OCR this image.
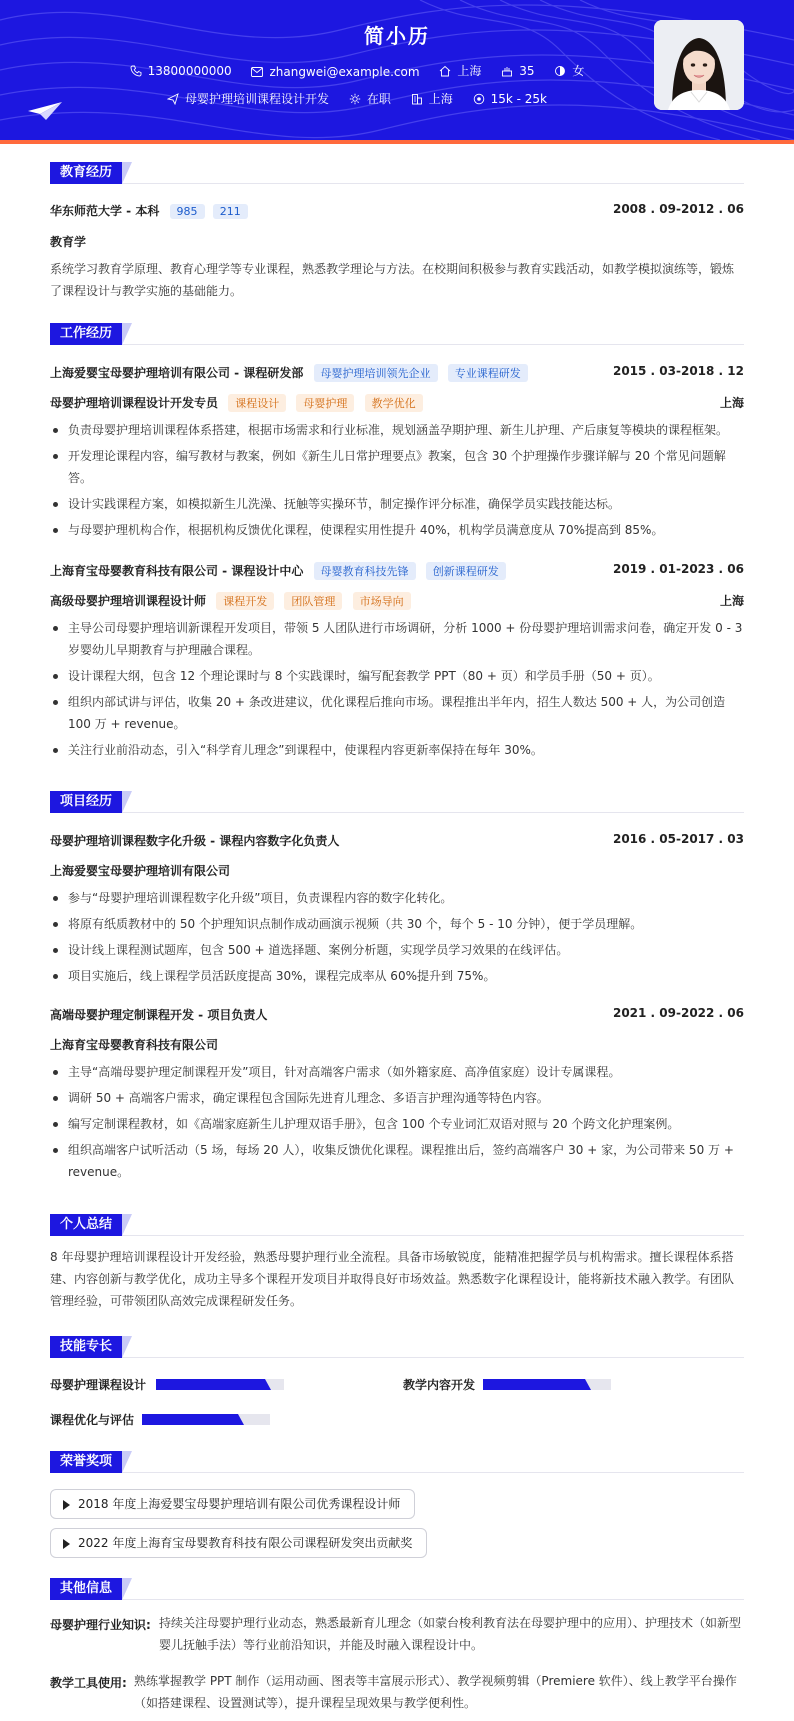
简小历
13800000000
	zhangwei@example.com
	上海
	35
	女
母婴护理培训课程设计开发
	在职
	上海
	15k - 25k
教育经历
华东师范大学 - 本科 985 211	2008 . 09-2012 . 06
教育学
系统学习教育学原理、教育心理学等专业课程，熟悉教学理论与方法。在校期间积极参与教育实践活动，如教学模拟演练等，锻炼了课程设计与教学实施的基础能力。
工作经历
上海爱婴宝母婴护理培训有限公司 - 课程研发部 母婴护理培训领先企业 专业课程研发	2015 . 03-2018 . 12
母婴护理培训课程设计开发专员 课程设计 母婴护理 教学优化	上海
负责母婴护理培训课程体系搭建，根据市场需求和行业标准，规划涵盖孕期护理、新生儿护理、产后康复等模块的课程框架。
开发理论课程内容，编写教材与教案，例如《新生儿日常护理要点》教案，包含 30 个护理操作步骤详解与 20 个常见问题解答。
设计实践课程方案，如模拟新生儿洗澡、抚触等实操环节，制定操作评分标准，确保学员实践技能达标。
与母婴护理机构合作，根据机构反馈优化课程，使课程实用性提升 40%，机构学员满意度从 70%提高到 85%。
上海育宝母婴教育科技有限公司 - 课程设计中心 母婴教育科技先锋 创新课程研发	2019 . 01-2023 . 06
高级母婴护理培训课程设计师 课程开发 团队管理 市场导向	上海
主导公司母婴护理培训新课程开发项目，带领 5 人团队进行市场调研，分析 1000 + 份母婴护理培训需求问卷，确定开发 0 - 3 岁婴幼儿早期教育与护理融合课程。
设计课程大纲，包含 12 个理论课时与 8 个实践课时，编写配套教学 PPT（80 + 页）和学员手册（50 + 页）。
组织内部试讲与评估，收集 20 + 条改进建议，优化课程后推向市场。课程推出半年内，招生人数达 500 + 人，为公司创造 100 万 + revenue。
关注行业前沿动态，引入“科学育儿理念”到课程中，使课程内容更新率保持在每年 30%。
项目经历
母婴护理培训课程数字化升级 - 课程内容数字化负责人	2016 . 05-2017 . 03
上海爱婴宝母婴护理培训有限公司
参与“母婴护理培训课程数字化升级”项目，负责课程内容的数字化转化。
将原有纸质教材中的 50 个护理知识点制作成动画演示视频（共 30 个，每个 5 - 10 分钟），便于学员理解。
设计线上课程测试题库，包含 500 + 道选择题、案例分析题，实现学员学习效果的在线评估。
项目实施后，线上课程学员活跃度提高 30%，课程完成率从 60%提升到 75%。
高端母婴护理定制课程开发 - 项目负责人	2021 . 09-2022 . 06
上海育宝母婴教育科技有限公司
主导“高端母婴护理定制课程开发”项目，针对高端客户需求（如外籍家庭、高净值家庭）设计专属课程。
调研 50 + 高端客户需求，确定课程包含国际先进育儿理念、多语言护理沟通等特色内容。
编写定制课程教材，如《高端家庭新生儿护理双语手册》，包含 100 个专业词汇双语对照与 20 个跨文化护理案例。
组织高端客户试听活动（5 场，每场 20 人），收集反馈优化课程。课程推出后，签约高端客户 30 + 家，为公司带来 50 万 + revenue。
个人总结
8 年母婴护理培训课程设计开发经验，熟悉母婴护理行业全流程。具备市场敏锐度，能精准把握学员与机构需求。擅长课程体系搭建、内容创新与教学优化，成功主导多个课程开发项目并取得良好市场效益。熟悉数字化课程设计，能将新技术融入教学。有团队管理经验，可带领团队高效完成课程研发任务。
技能专长
母婴护理课程设计	教学内容开发
课程优化与评估
荣誉奖项
2018 年度上海爱婴宝母婴护理培训有限公司优秀课程设计师
2022 年度上海育宝母婴教育科技有限公司课程研发突出贡献奖
其他信息
母婴护理行业知识: 持续关注母婴护理行业动态，熟悉最新育儿理念（如蒙台梭利教育法在母婴护理中的应用）、护理技术（如新型婴儿抚触手法）等行业前沿知识，并能及时融入课程设计中。
教学工具使用: 熟练掌握教学 PPT 制作（运用动画、图表等丰富展示形式）、教学视频剪辑（Premiere 软件）、线上教学平台操作（如搭建课程、设置测试等），提升课程呈现效果与教学便利性。
